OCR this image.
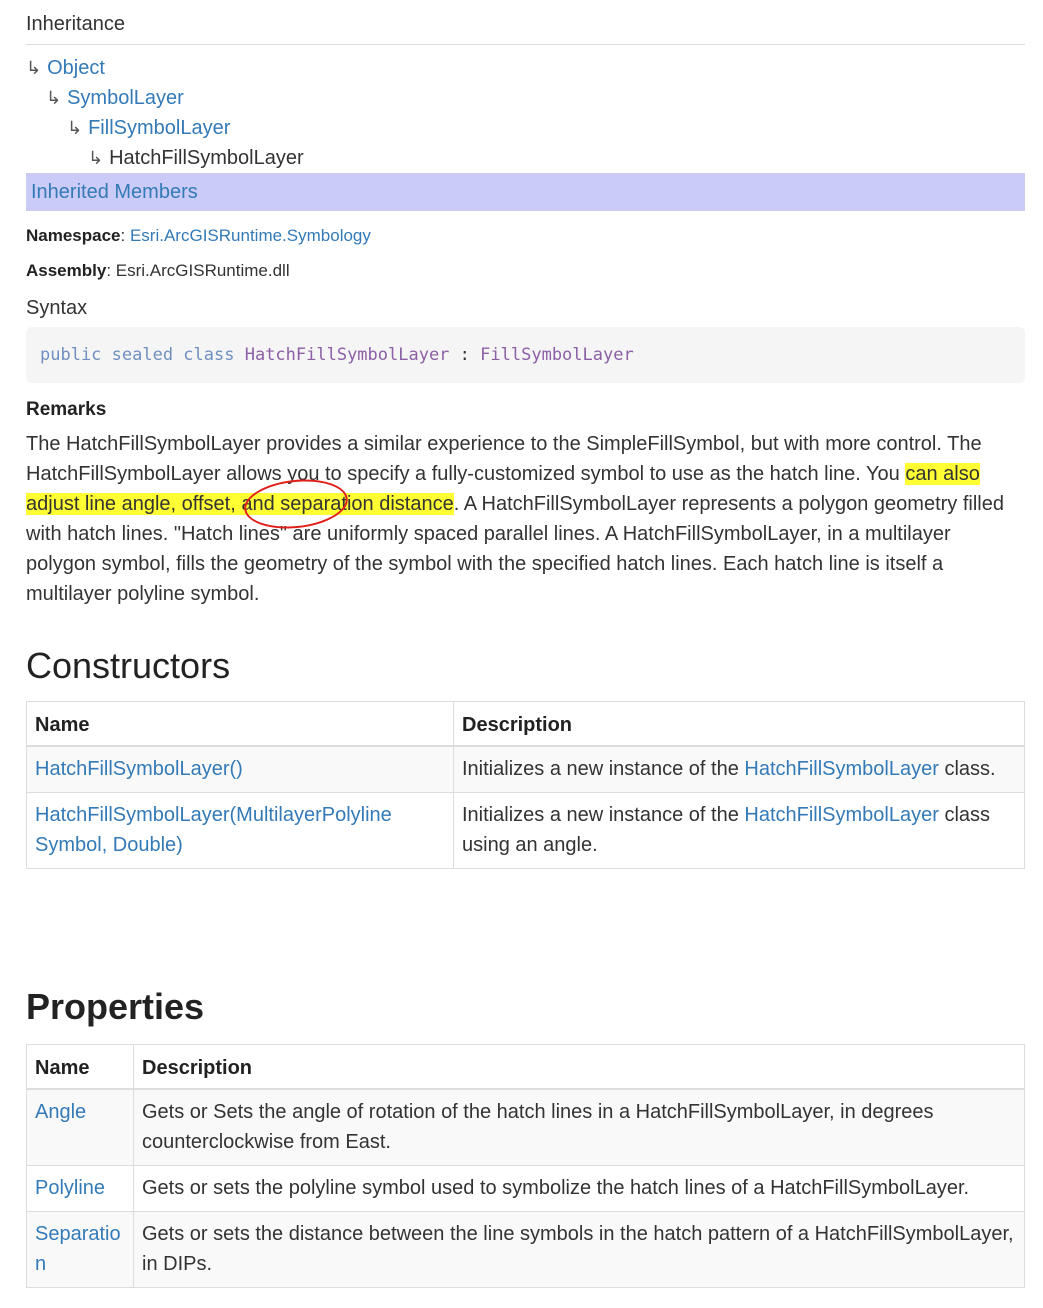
Inheritance
↳ Object
↳ SymbolLayer
↳ FillSymbolLayer
↳ HatchFillSymbolLayer
Inherited Members
Namespace: Esri.ArcGISRuntime.Symbology
Assembly: Esri.ArcGISRuntime.dll
Syntax
public sealed class HatchFillSymbolLayer : FillSymbolLayer
Remarks
The HatchFillSymbolLayer provides a similar experience to the SimpleFillSymbol, but with more control. The HatchFillSymbolLayer allows you to specify a fully-customized symbol to use as the hatch line. You can also adjust line angle, offset, and separation distance. A HatchFillSymbolLayer represents a polygon geometry filled with hatch lines. "Hatch lines" are uniformly spaced parallel lines. A HatchFillSymbolLayer, in a multilayer polygon symbol, fills the geometry of the symbol with the specified hatch lines. Each hatch line is itself a multilayer polyline symbol.
Constructors
Name	Description
HatchFillSymbolLayer()	Initializes a new instance of the HatchFillSymbolLayer class.
HatchFillSymbolLayer(MultilayerPolyline Symbol, Double)	Initializes a new instance of the HatchFillSymbolLayer class using an angle.
Properties
Name	Description
Angle	Gets or Sets the angle of rotation of the hatch lines in a HatchFillSymbolLayer, in degrees counterclockwise from East.
Polyline	Gets or sets the polyline symbol used to symbolize the hatch lines of a HatchFillSymbolLayer.
Separation	Gets or sets the distance between the line symbols in the hatch pattern of a HatchFillSymbolLayer, in DIPs.
